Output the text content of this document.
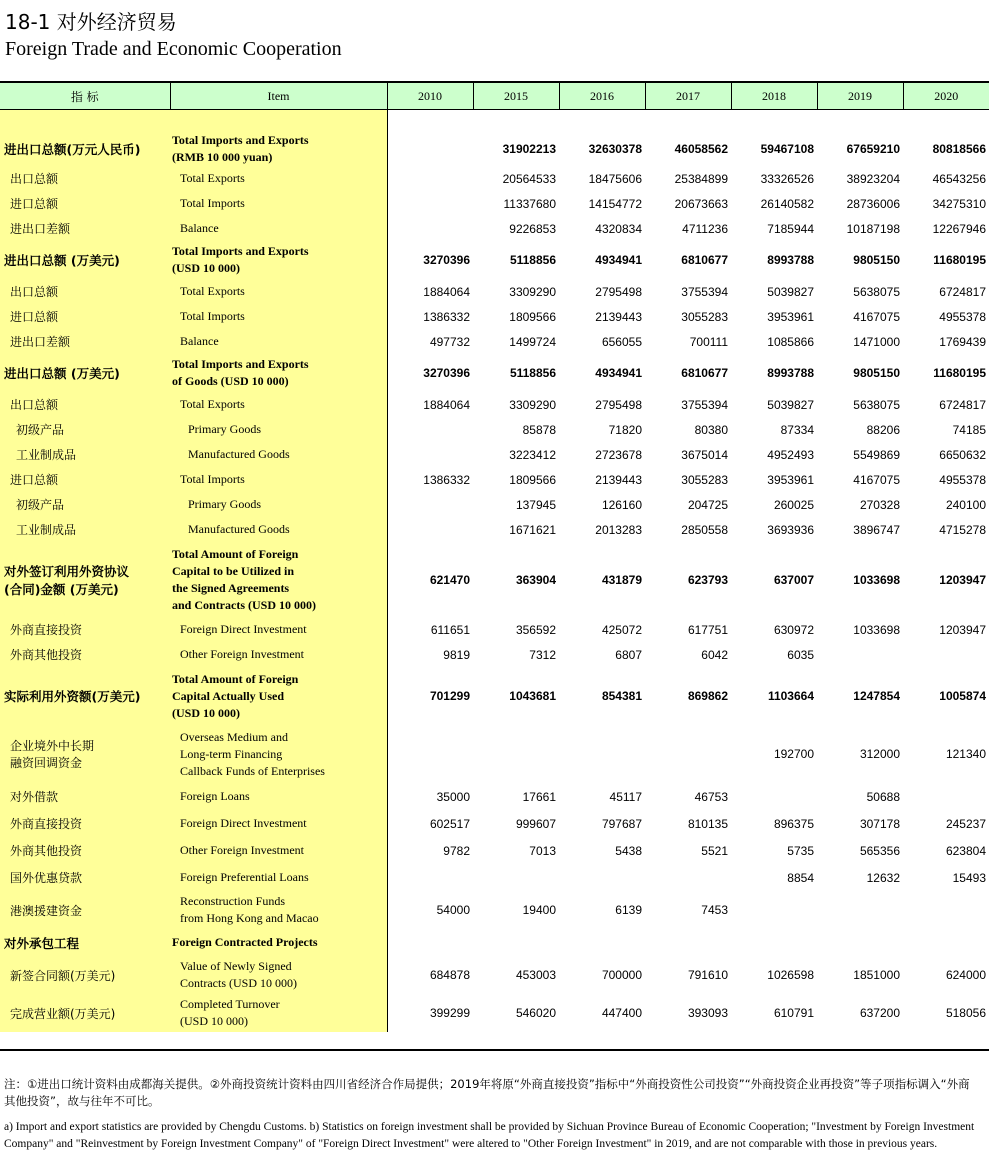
18-1 对外经济贸易
Foreign Trade and Economic Cooperation
指 标	Item	2010	2015	2016	2017	2018	2019	2020
进出口总额(万元人民币)	Total Imports and Exports
(RMB 10 000 yuan)		31902213	32630378	46058562	59467108	67659210	80818566
出口总额	Total Exports		20564533	18475606	25384899	33326526	38923204	46543256
进口总额	Total Imports		11337680	14154772	20673663	26140582	28736006	34275310
进出口差额	Balance		9226853	4320834	4711236	7185944	10187198	12267946
进出口总额 (万美元)	Total Imports and Exports
(USD 10 000)	3270396	5118856	4934941	6810677	8993788	9805150	11680195
出口总额	Total Exports	1884064	3309290	2795498	3755394	5039827	5638075	6724817
进口总额	Total Imports	1386332	1809566	2139443	3055283	3953961	4167075	4955378
进出口差额	Balance	497732	1499724	656055	700111	1085866	1471000	1769439
进出口总额 (万美元)	Total Imports and Exports
of Goods (USD 10 000)	3270396	5118856	4934941	6810677	8993788	9805150	11680195
出口总额	Total Exports	1884064	3309290	2795498	3755394	5039827	5638075	6724817
初级产品	Primary Goods		85878	71820	80380	87334	88206	74185
工业制成品	Manufactured Goods		3223412	2723678	3675014	4952493	5549869	6650632
进口总额	Total Imports	1386332	1809566	2139443	3055283	3953961	4167075	4955378
初级产品	Primary Goods		137945	126160	204725	260025	270328	240100
工业制成品	Manufactured Goods		1671621	2013283	2850558	3693936	3896747	4715278
对外签订利用外资协议
(合同)金额 (万美元)	Total Amount of Foreign
Capital to be Utilized in
the Signed Agreements
and Contracts (USD 10 000)	621470	363904	431879	623793	637007	1033698	1203947
外商直接投资	Foreign Direct Investment	611651	356592	425072	617751	630972	1033698	1203947
外商其他投资	Other Foreign Investment	9819	7312	6807	6042	6035		
实际利用外资额(万美元)	Total Amount of Foreign
Capital Actually Used
(USD 10 000)	701299	1043681	854381	869862	1103664	1247854	1005874
企业境外中长期
融资回调资金	Overseas Medium and
Long-term Financing
Callback Funds of Enterprises					192700	312000	121340
对外借款	Foreign Loans	35000	17661	45117	46753		50688	
外商直接投资	Foreign Direct Investment	602517	999607	797687	810135	896375	307178	245237
外商其他投资	Other Foreign Investment	9782	7013	5438	5521	5735	565356	623804
国外优惠贷款	Foreign Preferential Loans					8854	12632	15493
港澳援建资金	Reconstruction Funds
from Hong Kong and Macao	54000	19400	6139	7453			
对外承包工程	Foreign Contracted Projects							
新签合同额(万美元)	Value of Newly Signed
Contracts (USD 10 000)	684878	453003	700000	791610	1026598	1851000	624000
完成营业额(万美元)	Completed Turnover
(USD 10 000)	399299	546020	447400	393093	610791	637200	518056
注：①进出口统计资料由成都海关提供。②外商投资统计资料由四川省经济合作局提供；2019年将原“外商直接投资”指标中“外商投资性公司投资”“外商投资企业再投资”等子项指标调入“外商其他投资”，故与往年不可比。
a) Import and export statistics are provided by Chengdu Customs. b) Statistics on foreign investment shall be provided by Sichuan Province Bureau of Economic Cooperation; "Investment by Foreign Investment Company" and "Reinvestment by Foreign Investment Company" of "Foreign Direct Investment" were altered to "Other Foreign Investment" in 2019, and are not comparable with those in previous years.
